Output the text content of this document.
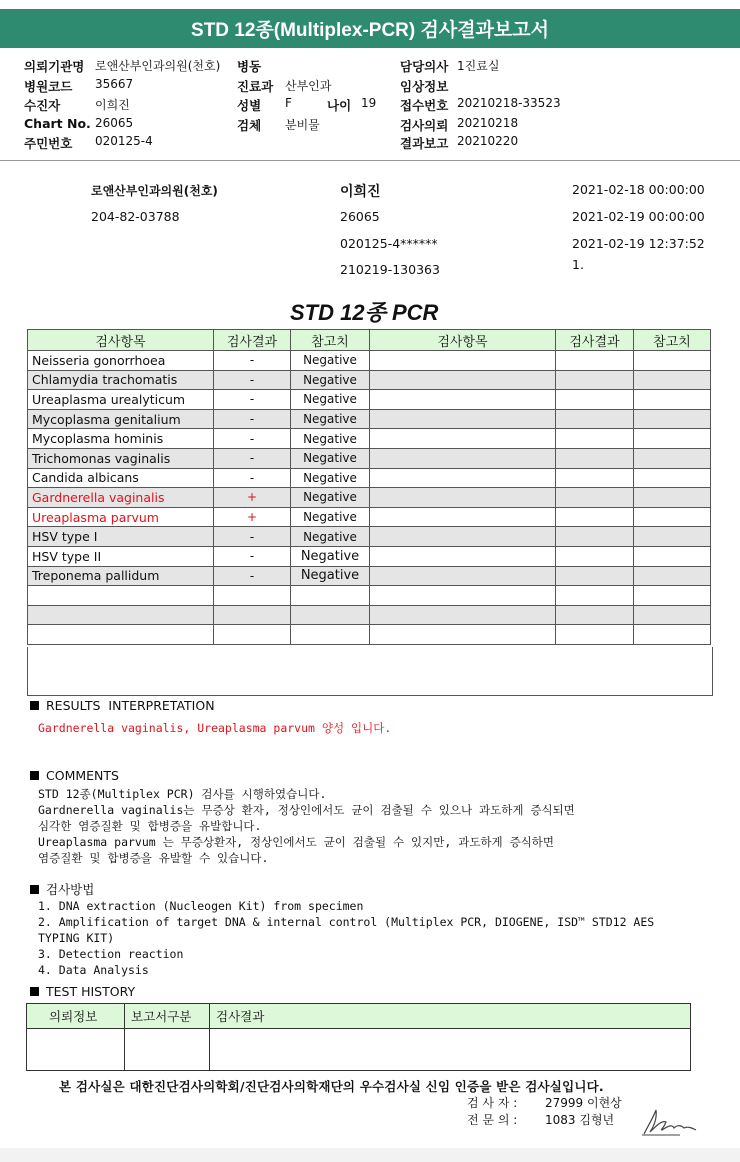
STD 12종(Multiplex-PCR) 검사결과보고서
의뢰기관명 로앤산부인과의원(천호)
병원코드 35667
수진자	이희진
Chart No. 26065
주민번호 020125-4
병동
진료과 산부인과
성별 F	나이 19
검체 분비물
담당의사 1진료실
임상정보
접수번호 20210218-33523
검사의뢰 20210218
결과보고 20210220
로앤산부인과의원(천호)
204-82-03788
이희진
26065
020125-4******
210219-130363
2021-02-18 00:00:00
2021-02-19 00:00:00
2021-02-19 12:37:52
1.
STD 12종 PCR
검사항목	검사결과	참고치	검사항목	검사결과	참고치
Neisseria gonorrhoea	-	Negative			
Chlamydia trachomatis	-	Negative			
Ureaplasma urealyticum	-	Negative			
Mycoplasma genitalium	-	Negative			
Mycoplasma hominis	-	Negative			
Trichomonas vaginalis	-	Negative			
Candida albicans	-	Negative			
Gardnerella vaginalis	+	Negative			
Ureaplasma parvum	+	Negative			
HSV type I	-	Negative			
HSV type II	-	Negative			
Treponema pallidum	-	Negative			

RESULTS  INTERPRETATION
Gardnerella vaginalis, Ureaplasma parvum 양성 입니다.
COMMENTS
STD 12종(Multiplex PCR) 검사를 시행하였습니다.
Gardnerella vaginalis는 무증상 환자, 정상인에서도 균이 검출될 수 있으나 과도하게 증식되면
심각한 염증질환 및 합병증을 유발합니다.
Ureaplasma parvum 는 무증상환자, 정상인에서도 균이 검출될 수 있지만, 과도하게 증식하면
염증질환 및 합병증을 유발할 수 있습니다.
검사방법
1. DNA extraction (Nucleogen Kit) from specimen
2. Amplification of target DNA & internal control (Multiplex PCR, DIOGENE, ISD™ STD12 AES
TYPING KIT)
3. Detection reaction
4. Data Analysis
TEST HISTORY
의뢰정보	보고서구분	검사결과

본 검사실은 대한진단검사의학회/진단검사의학재단의 우수검사실 신임 인증을 받은 검사실입니다.
검 사 자 : 27999 이현상
전 문 의 : 1083 김형년
